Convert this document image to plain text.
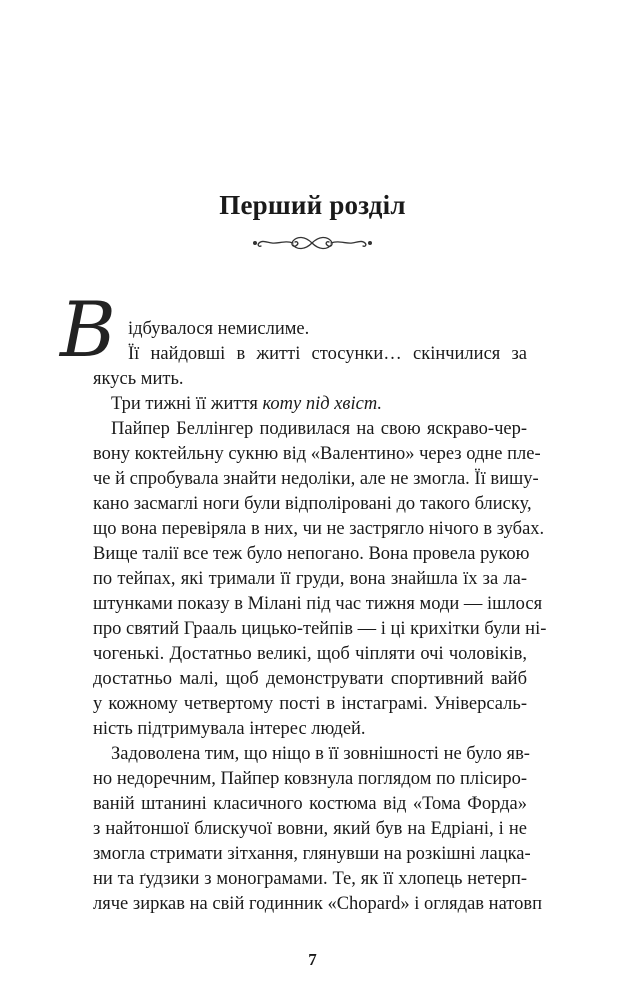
Перший розділ
В ідбувалося немислиме.
Її найдовші в житті стосунки… скінчилися за
якусь мить.
Три тижні її життя котy під хвіст.
Пайпер Беллінгер подивилася на свою яскраво-чер-
вону коктейльну сукню від «Валентино» через одне пле-
че й спробувала знайти недоліки, але не змогла. Її вишу-
кано засмаглі ноги були відполіровані до такого блиску,
що вона перевіряла в них, чи не застрягло нічого в зубах.
Вище талії все теж було непогано. Вона провела рукою
по тейпах, які тримали її груди, вона знайшла їх за ла-
штунками показу в Мілані під час тижня моди — ішлося
про святий Грааль цицько-тейпів — і ці крихітки були ні-
чогенькі. Достатньо великі, щоб чіпляти очі чоловіків,
достатньо малі, щоб демонструвати спортивний вайб
у кожному четвертому пості в інстаграмі. Універсаль-
ність підтримувала інтерес людей.
Задоволена тим, що ніщо в її зовнішності не було яв-
но недоречним, Пайпер ковзнула поглядом по плісиро-
ваній штанині класичного костюма від «Тома Форда»
з найтоншої блискучої вовни, який був на Едріані, і не
змогла стримати зітхання, глянувши на розкішні лацка-
ни та ґудзики з монограмами. Те, як її хлопець нетерп-
ляче зиркав на свій годинник «Chopard» і оглядав натовп
7
